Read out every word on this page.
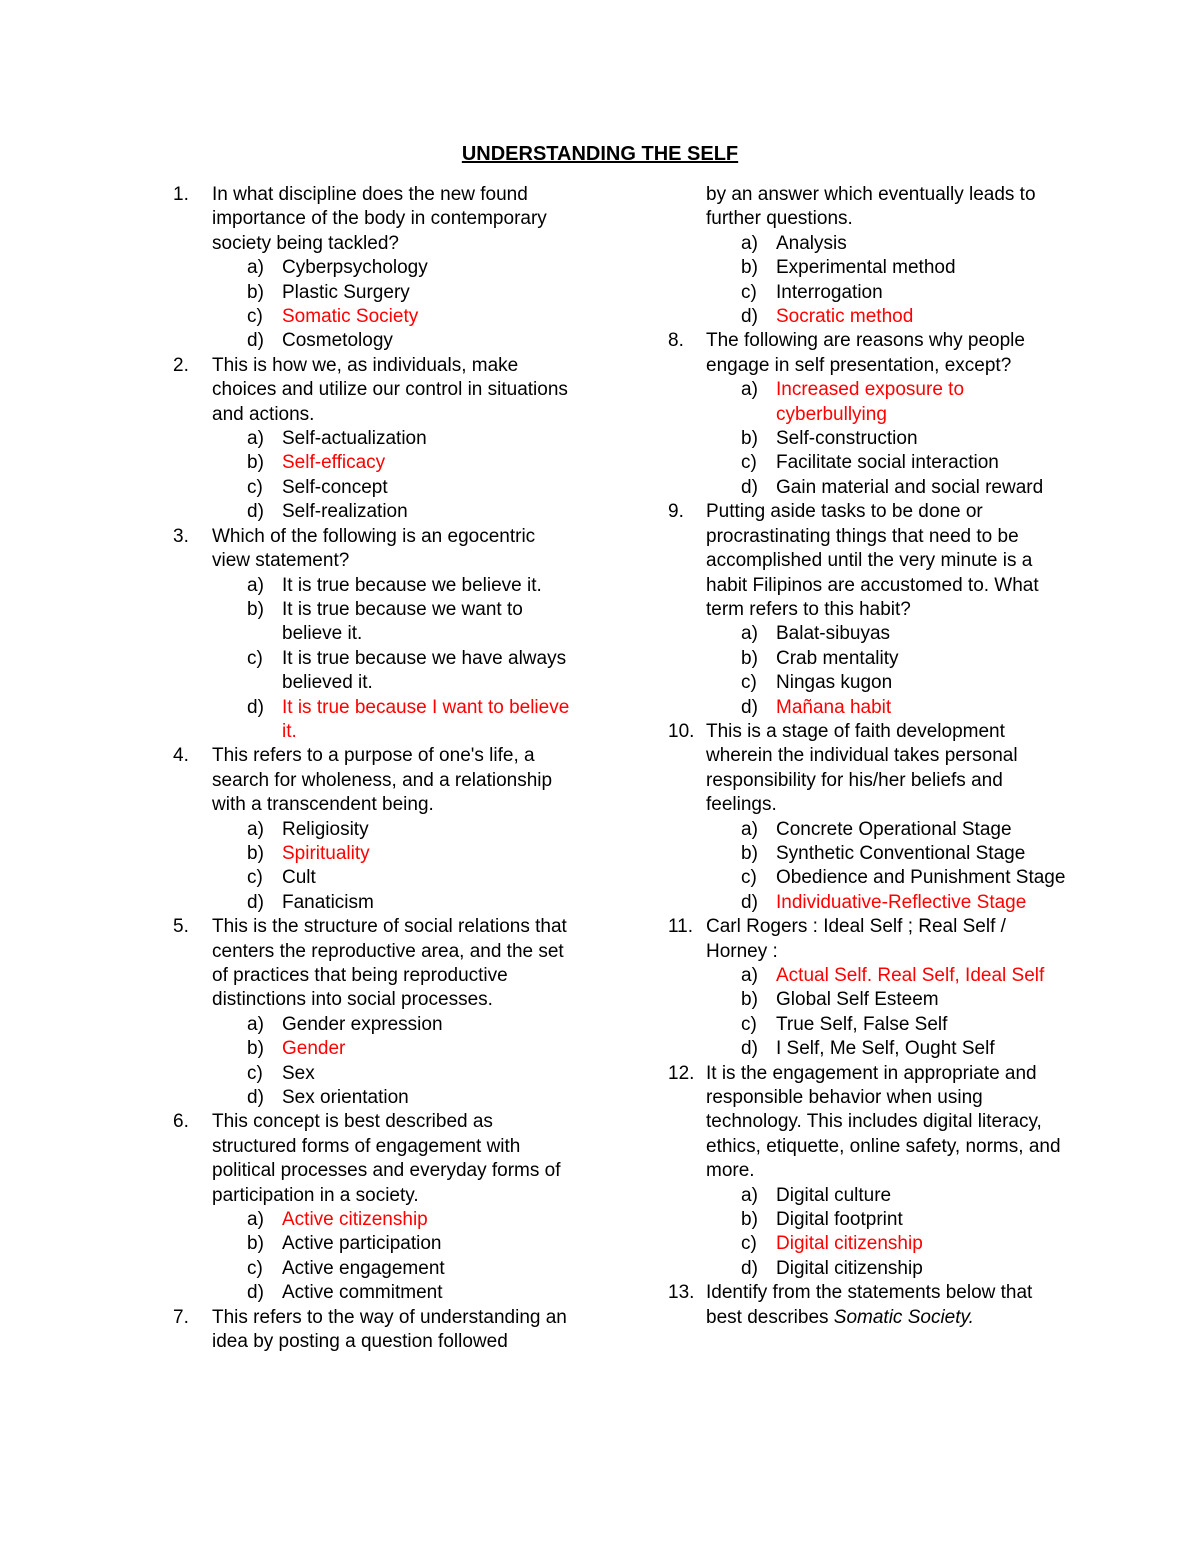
UNDERSTANDING THE SELF
1. In what discipline does the new found importance of the body in contemporary society being tackled?
a) Cyberpsychology
b) Plastic Surgery
c) Somatic Society
d) Cosmetology
2. This is how we, as individuals, make choices and utilize our control in situations and actions.
a) Self-actualization
b) Self-efficacy
c) Self-concept
d) Self-realization
3. Which of the following is an egocentric view statement?
a) It is true because we believe it.
b) It is true because we want to believe it.
c) It is true because we have always believed it.
d) It is true because I want to believe it.
4. This refers to a purpose of one's life, a search for wholeness, and a relationship with a transcendent being.
a) Religiosity
b) Spirituality
c) Cult
d) Fanaticism
5. This is the structure of social relations that centers the reproductive area, and the set of practices that being reproductive distinctions into social processes.
a) Gender expression
b) Gender
c) Sex
d) Sex orientation
6. This concept is best described as structured forms of engagement with political processes and everyday forms of participation in a society.
a) Active citizenship
b) Active participation
c) Active engagement
d) Active commitment
7. This refers to the way of understanding an idea by posting a question followed
by an answer which eventually leads to further questions.
a) Analysis
b) Experimental method
c) Interrogation
d) Socratic method
8. The following are reasons why people engage in self presentation, except?
a) Increased exposure to cyberbullying
b) Self-construction
c) Facilitate social interaction
d) Gain material and social reward
9. Putting aside tasks to be done or procrastinating things that need to be accomplished until the very minute is a habit Filipinos are accustomed to. What term refers to this habit?
a) Balat-sibuyas
b) Crab mentality
c) Ningas kugon
d) Mañana habit
10. This is a stage of faith development wherein the individual takes personal responsibility for his/her beliefs and feelings.
a) Concrete Operational Stage
b) Synthetic Conventional Stage
c) Obedience and Punishment Stage
d) Individuative-Reflective Stage
11. Carl Rogers : Ideal Self ; Real Self / Horney :
a) Actual Self. Real Self, Ideal Self
b) Global Self Esteem
c) True Self, False Self
d) I Self, Me Self, Ought Self
12. It is the engagement in appropriate and responsible behavior when using technology. This includes digital literacy, ethics, etiquette, online safety, norms, and more.
a) Digital culture
b) Digital footprint
c) Digital citizenship
d) Digital citizenship
13. Identify from the statements below that best describes Somatic Society.
